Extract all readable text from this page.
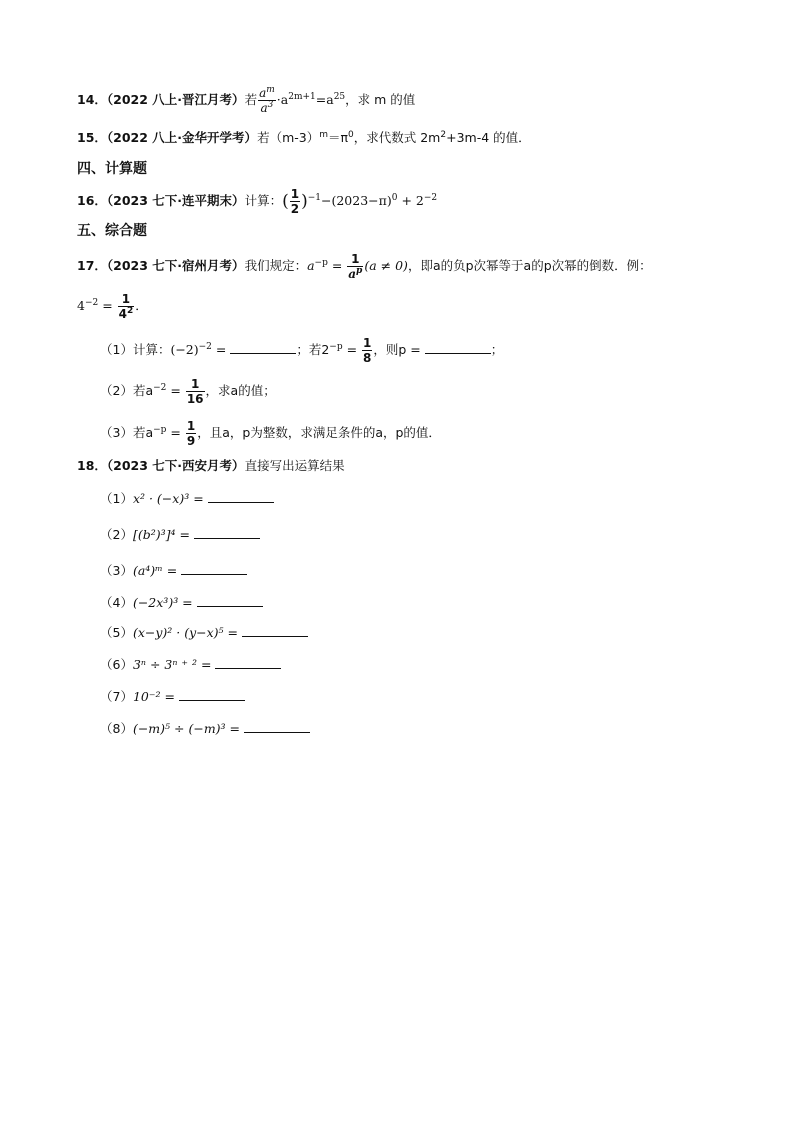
14．（2022 八上·晋江月考）若 $\frac{a^m}{a^3} \cdot a^{2m+1}=a^{25}$，求 m 的值
15．（2022 八上·金华开学考）若$(m-3)^m=\pi^0$，求代数式 $2m^2+3m-4$ 的值．
四、计算题
16．（2023 七下·连平期末）计算：( $\frac{1}{2} )^{-1}-(2023-\pi)^0 + 2^{-2}$
五、综合题
17．（2023 七下·宿州月考）我们规定：$a^{-p} = \frac{1}{a^p} (a \ne 0)$，即a的负p次幂等于a的p次幂的倒数．例：
$4^{-2} = \frac{1}{4^2}$ ．
（1）计算：$(-2)^{-2}$ =	；若$2^{-p} = \frac{1}{8}$ ，则p =	；
（2）若$a^{-2} = \frac{1}{16}$ ，求a的值；
（3）若$a^{-p} = \frac{1}{9}$ ，且a，p为整数，求满足条件的a，p的值．
18．（2023 七下·西安月考）直接写出运算结果
（1）x² · (−x)³ =
（2）[(b²)³]⁴ =
（3）(a⁴)ᵐ =
（4）(−2x³)³ =
（5）(x−y)² · (y−x)⁵ =
（6）3ⁿ ÷ 3ⁿ ⁺ ² =
（7）10⁻² =
（8）(−m)⁵ ÷ (−m)³ =
